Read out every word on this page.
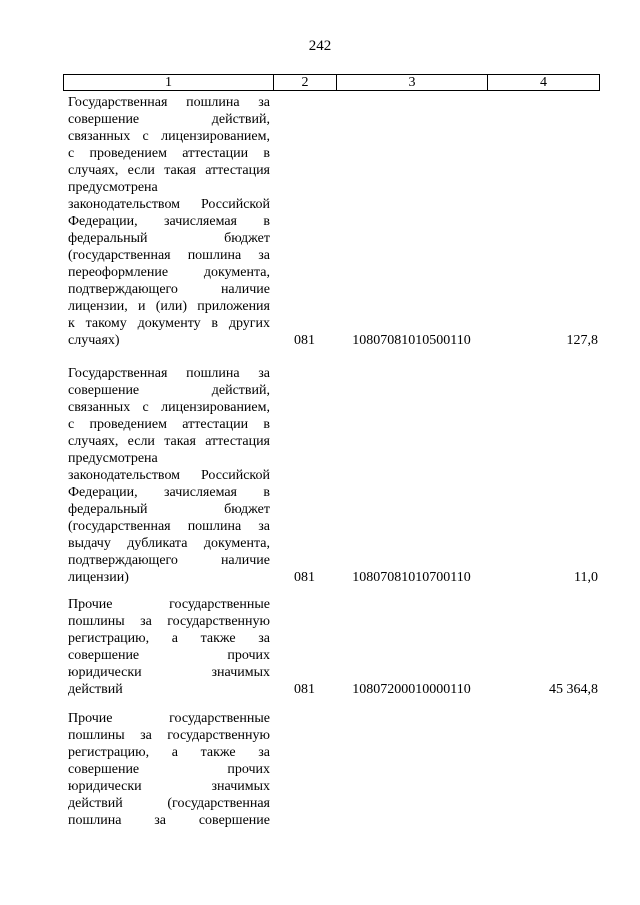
242
1	2	3	4
Государственная пошлина за
совершение действий,
связанных с лицензированием,
с проведением аттестации в
случаях, если такая аттестация
предусмотрена
законодательством Российской
Федерации, зачисляемая в
федеральный бюджет
(государственная пошлина за
переоформление документа,
подтверждающего наличие
лицензии, и (или) приложения
к такому документу в других
случаях)	081	10807081010500110	127,8
Государственная пошлина за
совершение действий,
связанных с лицензированием,
с проведением аттестации в
случаях, если такая аттестация
предусмотрена
законодательством Российской
Федерации, зачисляемая в
федеральный бюджет
(государственная пошлина за
выдачу дубликата документа,
подтверждающего наличие
лицензии)	081	10807081010700110	11,0
Прочие государственные
пошлины за государственную
регистрацию, а также за
совершение прочих
юридически значимых
действий	081	10807200010000110	45 364,8
Прочие государственные
пошлины за государственную
регистрацию, а также за
совершение прочих
юридически значимых
действий (государственная
пошлина за совершение
